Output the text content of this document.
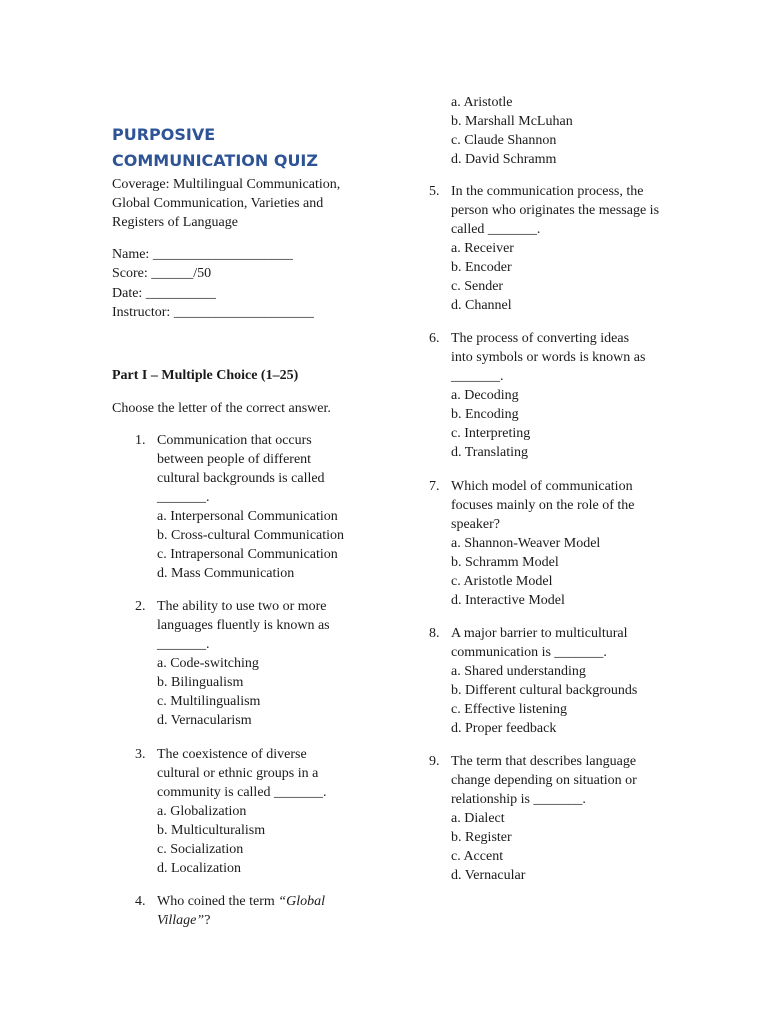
PURPOSIVE COMMUNICATION QUIZ

Coverage: Multilingual Communication, Global Communication, Varieties and Registers of Language

Name: ____________________

Score: ______/50

Date: __________

Instructor: ____________________

Part I – Multiple Choice (1–25)

Choose the letter of the correct answer.

1. Communication that occurs between people of different cultural backgrounds is called _______.

a. Interpersonal Communication
b. Cross-cultural Communication
c. Intrapersonal Communication
d. Mass Communication
2. The ability to use two or more languages fluently is known as _______.

a. Code-switching
b. Bilingualism
c. Multilingualism
d. Vernacularism
3. The coexistence of diverse cultural or ethnic groups in a community is called _______.

a. Globalization
b. Multiculturalism
c. Socialization
d. Localization
4. Who coined the term “Global Village”?

a. Aristotle
b. Marshall McLuhan
c. Claude Shannon
d. David Schramm
5. In the communication process, the person who originates the message is called _______.

a. Receiver
b. Encoder
c. Sender
d. Channel
6. The process of converting ideas into symbols or words is known as _______.

a. Decoding
b. Encoding
c. Interpreting
d. Translating
7. Which model of communication focuses mainly on the role of the speaker?

a. Shannon-Weaver Model
b. Schramm Model
c. Aristotle Model
d. Interactive Model
8. A major barrier to multicultural communication is _______.

a. Shared understanding
b. Different cultural backgrounds
c. Effective listening
d. Proper feedback
9. The term that describes language change depending on situation or relationship is _______.

a. Dialect
b. Register
c. Accent
d. Vernacular
